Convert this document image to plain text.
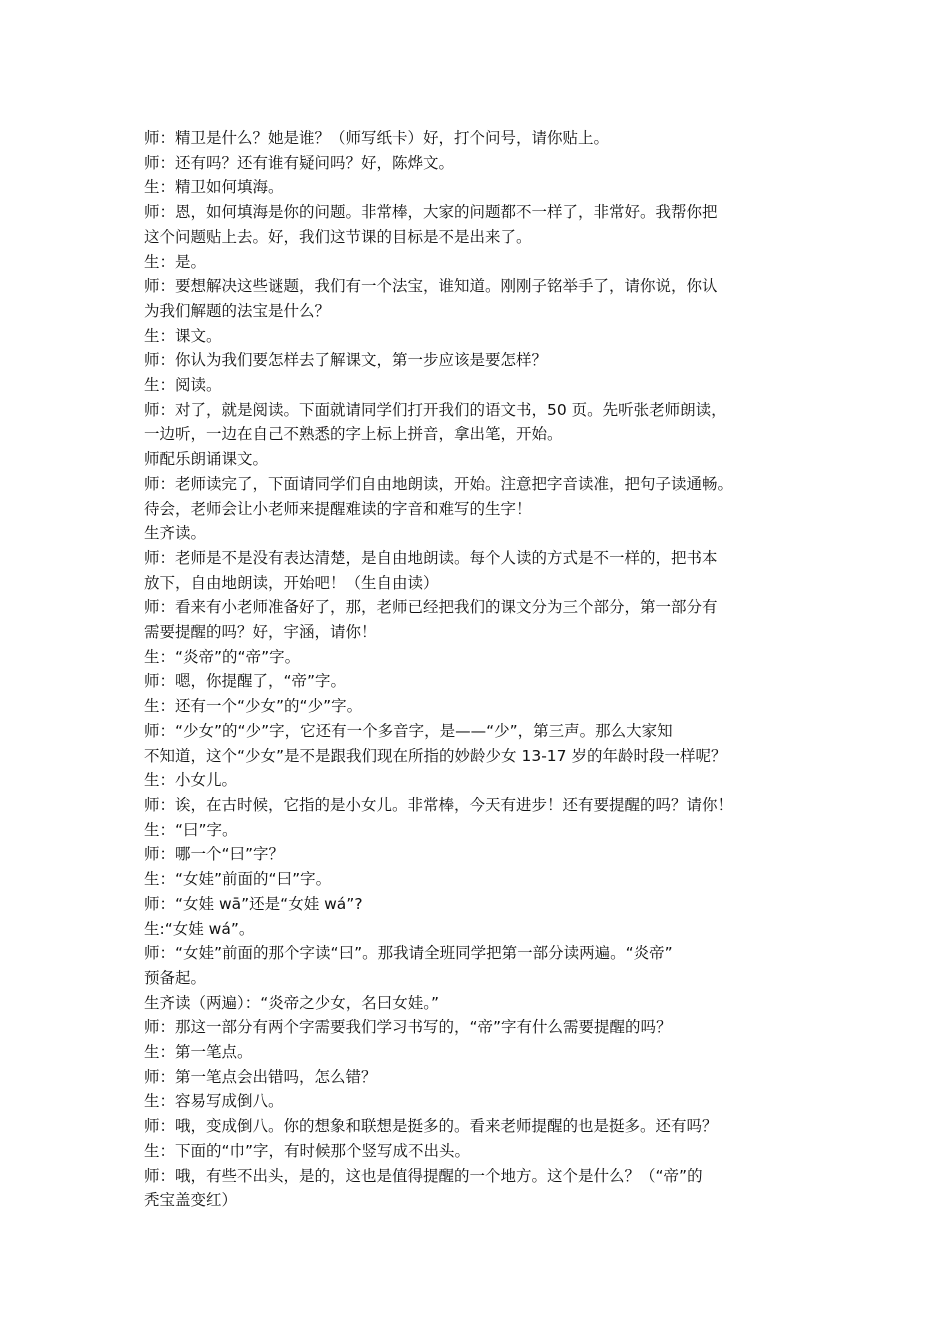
师：精卫是什么？她是谁？（师写纸卡）好，打个问号，请你贴上。

师：还有吗？还有谁有疑问吗？好，陈烨文。

生：精卫如何填海。

师：恩，如何填海是你的问题。非常棒，大家的问题都不一样了，非常好。我帮你把

这个问题贴上去。好，我们这节课的目标是不是出来了。

生：是。

师：要想解决这些谜题，我们有一个法宝，谁知道。刚刚子铭举手了，请你说，你认

为我们解题的法宝是什么？

生：课文。

师：你认为我们要怎样去了解课文，第一步应该是要怎样？

生：阅读。

师：对了，就是阅读。下面就请同学们打开我们的语文书，50 页。先听张老师朗读，

一边听，一边在自己不熟悉的字上标上拼音，拿出笔，开始。

师配乐朗诵课文。

师：老师读完了，下面请同学们自由地朗读，开始。注意把字音读准，把句子读通畅。

待会，老师会让小老师来提醒难读的字音和难写的生字！

生齐读。

师：老师是不是没有表达清楚，是自由地朗读。每个人读的方式是不一样的，把书本

放下，自由地朗读，开始吧！（生自由读）

师：看来有小老师准备好了，那，老师已经把我们的课文分为三个部分，第一部分有

需要提醒的吗？好，宇涵，请你！

生：“炎帝”的“帝”字。

师：嗯，你提醒了，“帝”字。

生：还有一个“少女”的“少”字。

师：“少女”的“少”字，它还有一个多音字，是——“少”，第三声。那么大家知

不知道，这个“少女”是不是跟我们现在所指的妙龄少女 13-17 岁的年龄时段一样呢？

生：小女儿。

师：诶，在古时候，它指的是小女儿。非常棒，今天有进步！还有要提醒的吗？请你！

生：“曰”字。

师：哪一个“曰”字？

生：“女娃”前面的“曰”字。

师：“女娃 wā”还是“女娃 wá”?

生:“女娃 wá”。

师：“女娃”前面的那个字读“曰”。那我请全班同学把第一部分读两遍。“炎帝”

预备起。

生齐读（两遍）：“炎帝之少女，名曰女娃。”

师：那这一部分有两个字需要我们学习书写的，“帝”字有什么需要提醒的吗？

生：第一笔点。

师：第一笔点会出错吗，怎么错？

生：容易写成倒八。

师：哦，变成倒八。你的想象和联想是挺多的。看来老师提醒的也是挺多。还有吗？

生：下面的“巾”字，有时候那个竖写成不出头。

师：哦，有些不出头，是的，这也是值得提醒的一个地方。这个是什么？（“帝”的

秃宝盖变红）
